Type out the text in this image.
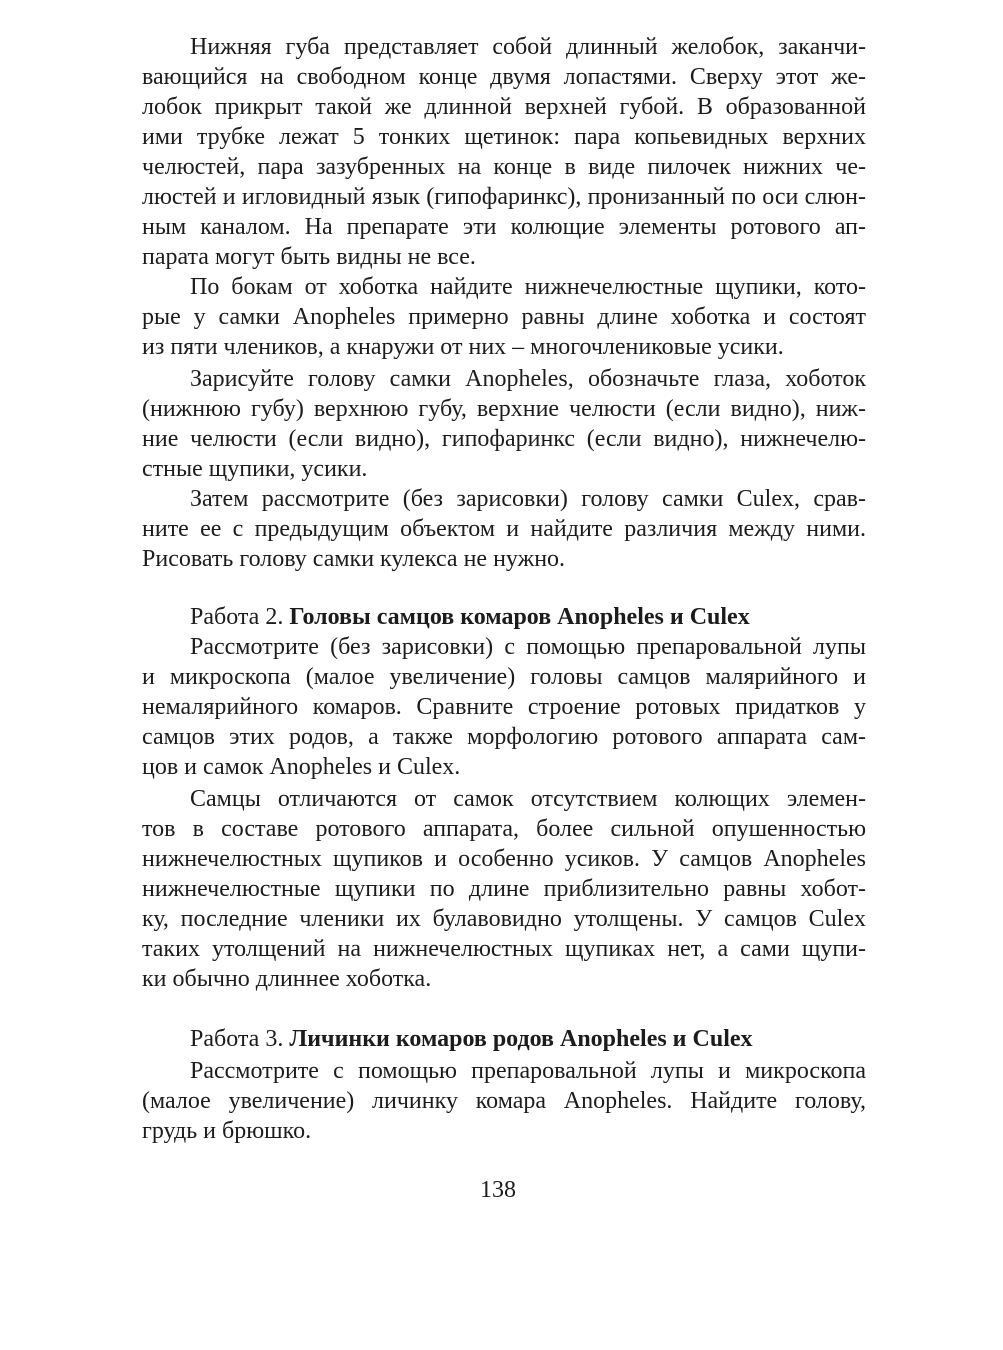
Нижняя губа представляет собой длинный желобок, заканчи-
вающийся на свободном конце двумя лопастями. Сверху этот же-
лобок прикрыт такой же длинной верхней губой. В образованной
ими трубке лежат 5 тонких щетинок: пара копьевидных верхних
челюстей, пара зазубренных на конце в виде пилочек нижних че-
люстей и игловидный язык (гипофаринкс), пронизанный по оси слюн-
ным каналом. На препарате эти колющие элементы ротового ап-
парата могут быть видны не все.
По бокам от хоботка найдите нижнечелюстные щупики, кото-
рые у самки Anopheles примерно равны длине хоботка и состоят
из пяти члеников, а кнаружи от них – многочлениковые усики.
Зарисуйте голову самки Anopheles, обозначьте глаза, хоботок
(нижнюю губу) верхнюю губу, верхние челюсти (если видно), ниж-
ние челюсти (если видно), гипофаринкс (если видно), нижнечелю-
стные щупики, усики.
Затем рассмотрите (без зарисовки) голову самки Culex, срав-
ните ее с предыдущим объектом и найдите различия между ними.
Рисовать голову самки кулекса не нужно.
Работа 2. Головы самцов комаров Anopheles и Culex
Рассмотрите (без зарисовки) с помощью препаровальной лупы
и микроскопа (малое увеличение) головы самцов малярийного и
немалярийного комаров. Сравните строение ротовых придатков у
самцов этих родов, а также морфологию ротового аппарата сам-
цов и самок Anopheles и Culex.
Самцы отличаются от самок отсутствием колющих элемен-
тов в составе ротового аппарата, более сильной опушенностью
нижнечелюстных щупиков и особенно усиков. У самцов Anopheles
нижнечелюстные щупики по длине приблизительно равны хобот-
ку, последние членики их булавовидно утолщены. У самцов Culex
таких утолщений на нижнечелюстных щупиках нет, а сами щупи-
ки обычно длиннее хоботка.
Работа 3. Личинки комаров родов Anopheles и Culex
Рассмотрите с помощью препаровальной лупы и микроскопа
(малое увеличение) личинку комара Anopheles. Найдите голову,
грудь и брюшко.
138
